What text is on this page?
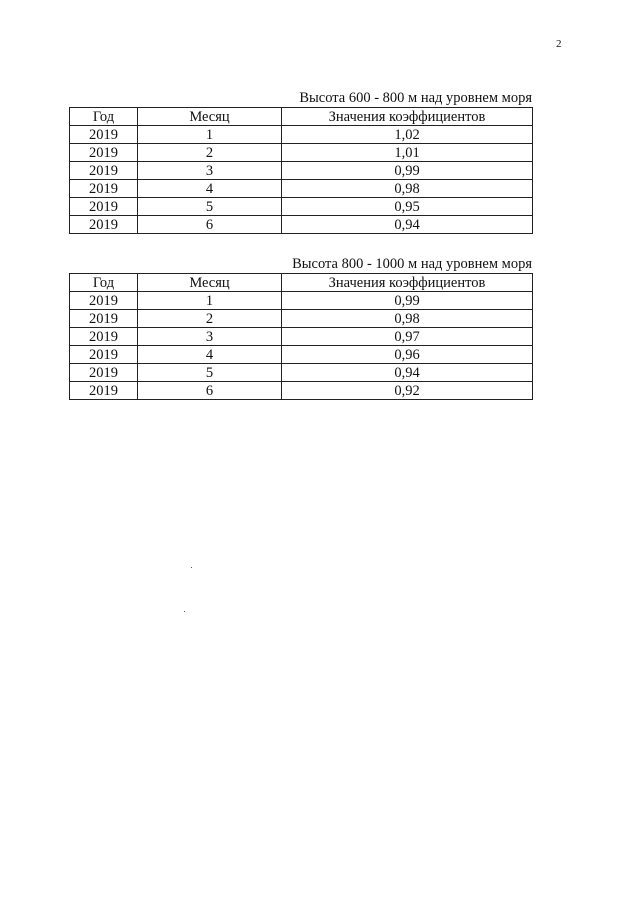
2
Высота 600 - 800 м над уровнем моря
Год	Месяц	Значения коэффициентов
2019	1	1,02
2019	2	1,01
2019	3	0,99
2019	4	0,98
2019	5	0,95
2019	6	0,94
Высота 800 - 1000 м над уровнем моря
Год	Месяц	Значения коэффициентов
2019	1	0,99
2019	2	0,98
2019	3	0,97
2019	4	0,96
2019	5	0,94
2019	6	0,92
